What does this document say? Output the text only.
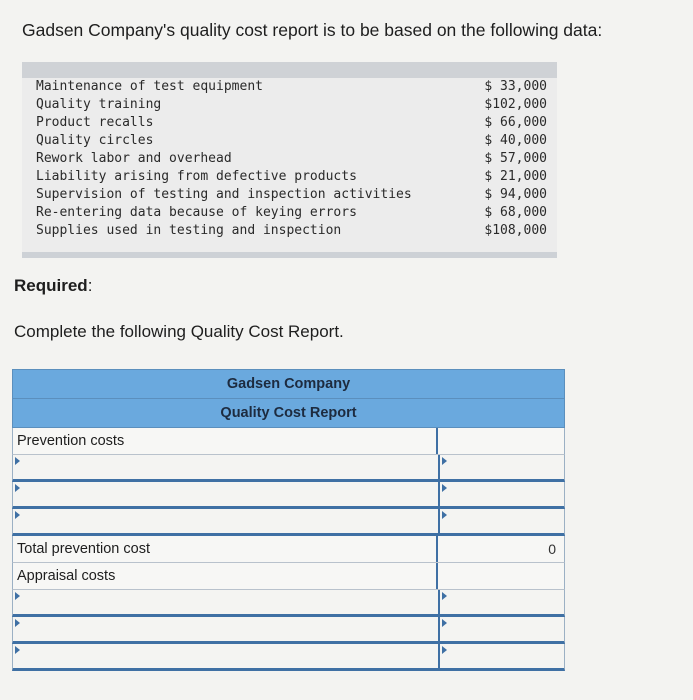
Gadsen Company's quality cost report is to be based on the following data:
Maintenance of test equipment	$ 33,000
Quality training	$102,000
Product recalls	$ 66,000
Quality circles	$ 40,000
Rework labor and overhead	$ 57,000
Liability arising from defective products	$ 21,000
Supervision of testing and inspection activities	$ 94,000
Re-entering data because of keying errors	$ 68,000
Supplies used in testing and inspection	$108,000
Required:
Complete the following Quality Cost Report.
Gadsen Company
Quality Cost Report
Prevention costs
Total prevention cost	0
Appraisal costs
